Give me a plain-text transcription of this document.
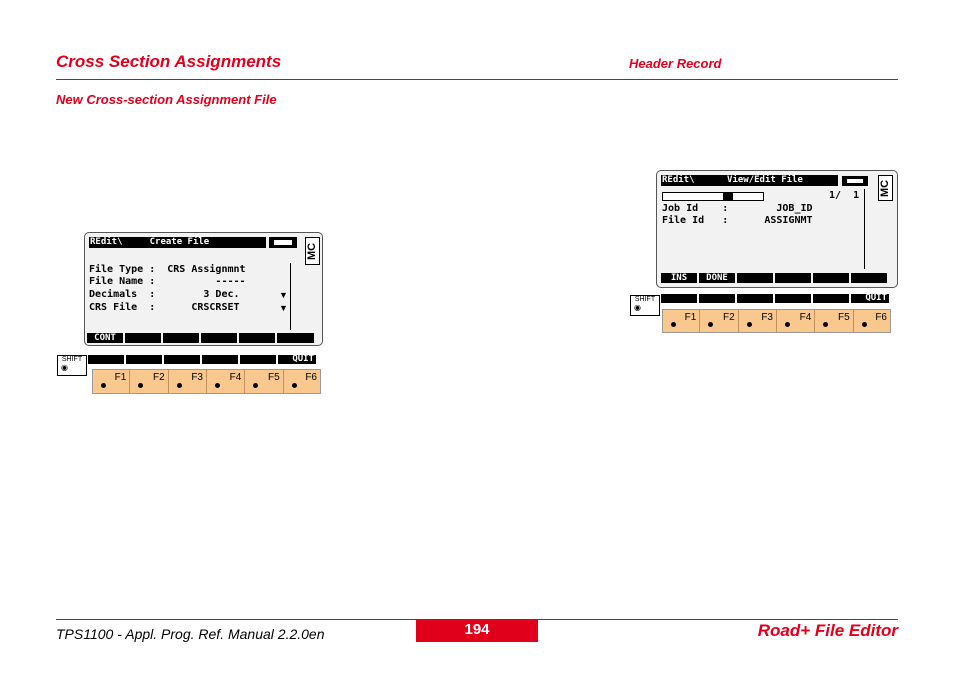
Cross Section Assignments	Header Record
New Cross-section Assignment File
REdit\     Create File
MC
File Type :  CRS Assignmnt
File Name :          -----
Decimals  :        3 Dec.
CRS File  :      CRSCRSET
▼
▼
CONT
SHIFT
◉
QUIT
F1	F2	F3	F4	F5	F6
REdit\      View/Edit File	MC
1/  1
Job Id    :        JOB_ID
File Id   :      ASSIGNMT
INS	DONE
SHIFT
◉
QUIT
F1	F2	F3	F4	F5	F6
TPS1100 - Appl. Prog. Ref. Manual 2.2.0en	194	Road+ File Editor
